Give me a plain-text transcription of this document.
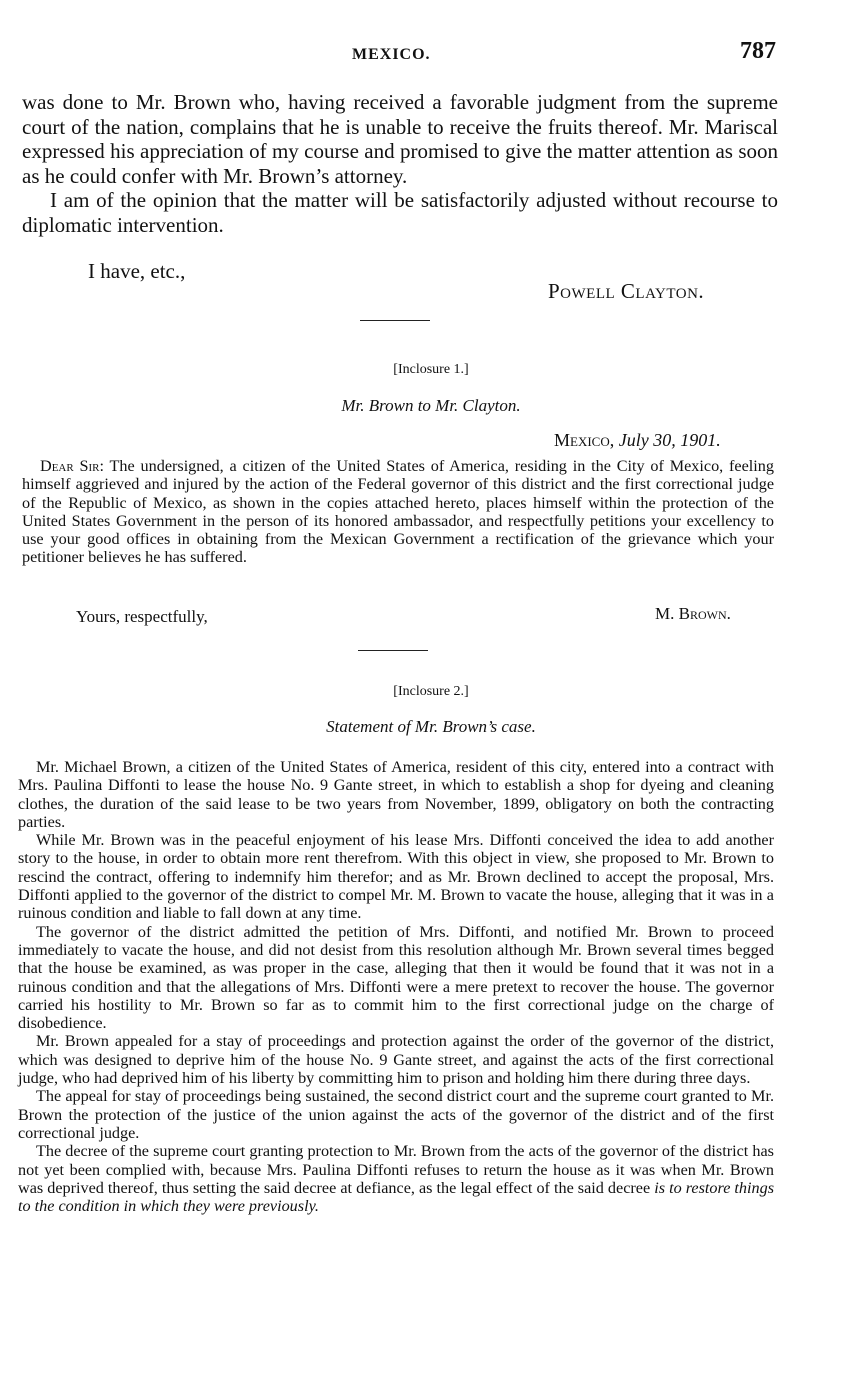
MEXICO.	787

was done to Mr. Brown who, having received a favorable judgment from the supreme court of the nation, complains that he is unable to receive the fruits thereof. Mr. Mariscal expressed his appreciation of my course and promised to give the matter attention as soon as he could confer with Mr. Brown’s attorney.

I am of the opinion that the matter will be satisfactorily adjusted without recourse to diplomatic intervention.

I have, etc.,
Powell Clayton.
[Inclosure 1.]
Mr. Brown to Mr. Clayton.
Mexico, July 30, 1901.

Dear Sir: The undersigned, a citizen of the United States of America, residing in the City of Mexico, feeling himself aggrieved and injured by the action of the Federal governor of this district and the first correctional judge of the Republic of Mexico, as shown in the copies attached hereto, places himself within the protection of the United States Government in the person of its honored ambassador, and respectfully petitions your excellency to use your good offices in obtaining from the Mexican Government a rectification of the grievance which your petitioner believes he has suffered.

Yours, respectfully,	M. Brown.
[Inclosure 2.]
Statement of Mr. Brown’s case.

Mr. Michael Brown, a citizen of the United States of America, resident of this city, entered into a contract with Mrs. Paulina Diffonti to lease the house No. 9 Gante street, in which to establish a shop for dyeing and cleaning clothes, the duration of the said lease to be two years from November, 1899, obligatory on both the contracting parties.

While Mr. Brown was in the peaceful enjoyment of his lease Mrs. Diffonti conceived the idea to add another story to the house, in order to obtain more rent therefrom. With this object in view, she proposed to Mr. Brown to rescind the contract, offering to indemnify him therefor; and as Mr. Brown declined to accept the proposal, Mrs. Diffonti applied to the governor of the district to compel Mr. M. Brown to vacate the house, alleging that it was in a ruinous condition and liable to fall down at any time.

The governor of the district admitted the petition of Mrs. Diffonti, and notified Mr. Brown to proceed immediately to vacate the house, and did not desist from this resolution although Mr. Brown several times begged that the house be examined, as was proper in the case, alleging that then it would be found that it was not in a ruinous condition and that the allegations of Mrs. Diffonti were a mere pretext to recover the house. The governor carried his hostility to Mr. Brown so far as to commit him to the first correctional judge on the charge of disobedience.

Mr. Brown appealed for a stay of proceedings and protection against the order of the governor of the district, which was designed to deprive him of the house No. 9 Gante street, and against the acts of the first correctional judge, who had deprived him of his liberty by committing him to prison and holding him there during three days.

The appeal for stay of proceedings being sustained, the second district court and the supreme court granted to Mr. Brown the protection of the justice of the union against the acts of the governor of the district and of the first correctional judge.

The decree of the supreme court granting protection to Mr. Brown from the acts of the governor of the district has not yet been complied with, because Mrs. Paulina Diffonti refuses to return the house as it was when Mr. Brown was deprived thereof, thus setting the said decree at defiance, as the legal effect of the said decree is to restore things to the condition in which they were previously.
